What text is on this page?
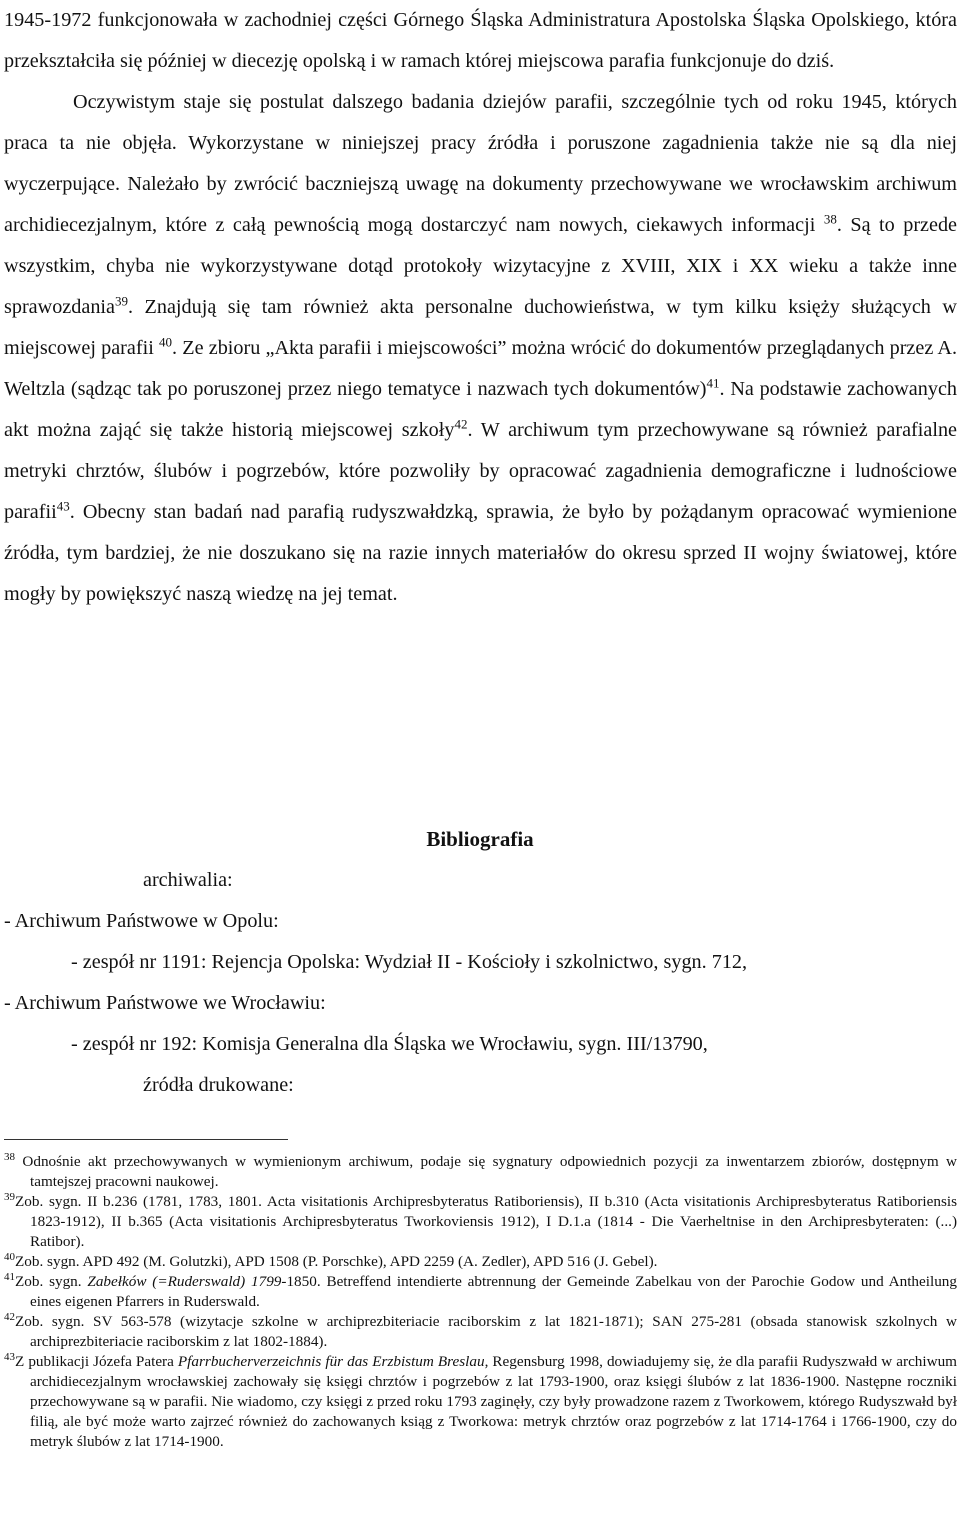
1945-1972 funkcjonowała w zachodniej części Górnego Śląska Administratura Apostolska Śląska Opolskiego, która przekształciła się później w diecezję opolską i w ramach której miejscowa parafia funkcjonuje do dziś.

Oczywistym staje się postulat dalszego badania dziejów parafii, szczególnie tych od roku 1945, których praca ta nie objęła. Wykorzystane w niniejszej pracy źródła i poruszone zagadnienia także nie są dla niej wyczerpujące. Należało by zwrócić baczniejszą uwagę na dokumenty przechowywane we wrocławskim archiwum archidiecezjalnym, które z całą pewnością mogą dostarczyć nam nowych, ciekawych informacji $^{38}$. Są to przede wszystkim, chyba nie wykorzystywane dotąd protokoły wizytacyjne z XVIII, XIX i XX wieku a także inne sprawozdania$^{39}$. Znajdują się tam również akta personalne duchowieństwa, w tym kilku księży służących w miejscowej parafii $^{40}$. Ze zbioru „Akta parafii i miejscowości” można wrócić do dokumentów przeglądanych przez A. Weltzla (sądząc tak po poruszonej przez niego tematyce i nazwach tych dokumentów)$^{41}$. Na podstawie zachowanych akt można zająć się także historią miejscowej szkoły$^{42}$. W archiwum tym przechowywane są również parafialne metryki chrztów, ślubów i pogrzebów, które pozwoliły by opracować zagadnienia demograficzne i ludnościowe parafii$^{43}$. Obecny stan badań nad parafią rudyszwałdzką, sprawia, że było by pożądanym opracować wymienione źródła, tym bardziej, że nie doszukano się na razie innych materiałów do okresu sprzed II wojny światowej, które mogły by powiększyć naszą wiedzę na jej temat.

Bibliografia
archiwalia:
- Archiwum Państwowe w Opolu:
- zespół nr 1191: Rejencja Opolska: Wydział II - Kościoły i szkolnictwo, sygn. 712,
- Archiwum Państwowe we Wrocławiu:
- zespół nr 192: Komisja Generalna dla Śląska we Wrocławiu, sygn. III/13790,
źródła drukowane:

$^{38}$ Odnośnie akt przechowywanych w wymienionym archiwum, podaje się sygnatury odpowiednich pozycji za inwentarzem zbiorów, dostępnym w tamtejszej pracowni naukowej.

$^{39}$Zob. sygn. II b.236 (1781, 1783, 1801. Acta visitationis Archipresbyteratus Ratiboriensis), II b.310 (Acta visitationis Archipresbyteratus Ratiboriensis 1823-1912), II b.365 (Acta visitationis Archipresbyteratus Tworkoviensis 1912), I D.1.a (1814 - Die Vaerheltnise in den Archipresbyteraten: (...) Ratibor).

$^{40}$Zob. sygn. APD 492 (M. Golutzki), APD 1508 (P. Porschke), APD 2259 (A. Zedler), APD 516 (J. Gebel).

$^{41}$Zob. sygn. Zabełków (=Ruderswald) 1799-1850. Betreffend intendierte abtrennung der Gemeinde Zabelkau von der Parochie Godow und Antheilung eines eigenen Pfarrers in Ruderswald.

$^{42}$Zob. sygn. SV 563-578 (wizytacje szkolne w archiprezbiteriacie raciborskim z lat 1821-1871); SAN 275-281 (obsada stanowisk szkolnych w archiprezbiteriacie raciborskim z lat 1802-1884).

$^{43}$Z publikacji Józefa Patera Pfarrbucherverzeichnis für das Erzbistum Breslau, Regensburg 1998, dowiadujemy się, że dla parafii Rudyszwałd w archiwum archidiecezjalnym wrocławskiej zachowały się księgi chrztów i pogrzebów z lat 1793-1900, oraz księgi ślubów z lat 1836-1900. Następne roczniki przechowywane są w parafii. Nie wiadomo, czy księgi z przed roku 1793 zaginęły, czy były prowadzone razem z Tworkowem, którego Rudyszwałd był filią, ale być może warto zajrzeć również do zachowanych ksiąg z Tworkowa: metryk chrztów oraz pogrzebów z lat 1714-1764 i 1766-1900, czy do metryk ślubów z lat 1714-1900.
